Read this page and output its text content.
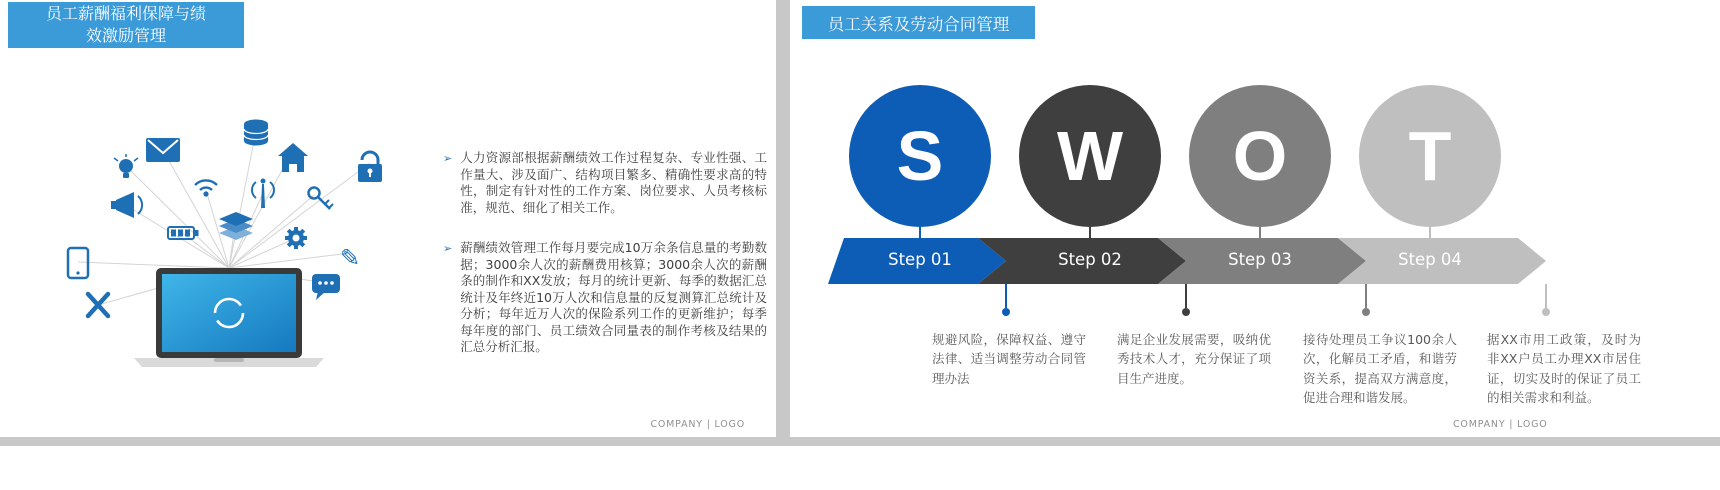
员工薪酬福利保障与绩效激励管理
✎
➢ 人力资源部根据薪酬绩效工作过程复杂、专业性强、工作量大、涉及面广、结构项目繁多、精确性要求高的特性，制定有针对性的工作方案、岗位要求、人员考核标准，规范、细化了相关工作。

➢ 薪酬绩效管理工作每月要完成10万余条信息量的考勤数据；3000余人次的薪酬费用核算；3000余人次的薪酬条的制作和XX发放；每月的统计更新、每季的数据汇总统计及年终近10万人次和信息量的反复测算汇总统计及分析；每年近万人次的保险系列工作的更新维护；每季每年度的部门、员工绩效合同量表的制作考核及结果的汇总分析汇报。

COMPANY | LOGO
员工关系及劳动合同管理
S W O T
Step 01	Step 02	Step 03	Step 04
规避风险，保障权益、遵守法律、适当调整劳动合同管理办法
满足企业发展需要，吸纳优秀技术人才，充分保证了项目生产进度。
接待处理员工争议100余人次，化解员工矛盾，和谐劳资关系，提高双方满意度，促进合理和谐发展。
据XX市用工政策，及时为非XX户员工办理XX市居住证，切实及时的保证了员工的相关需求和利益。
COMPANY | LOGO
